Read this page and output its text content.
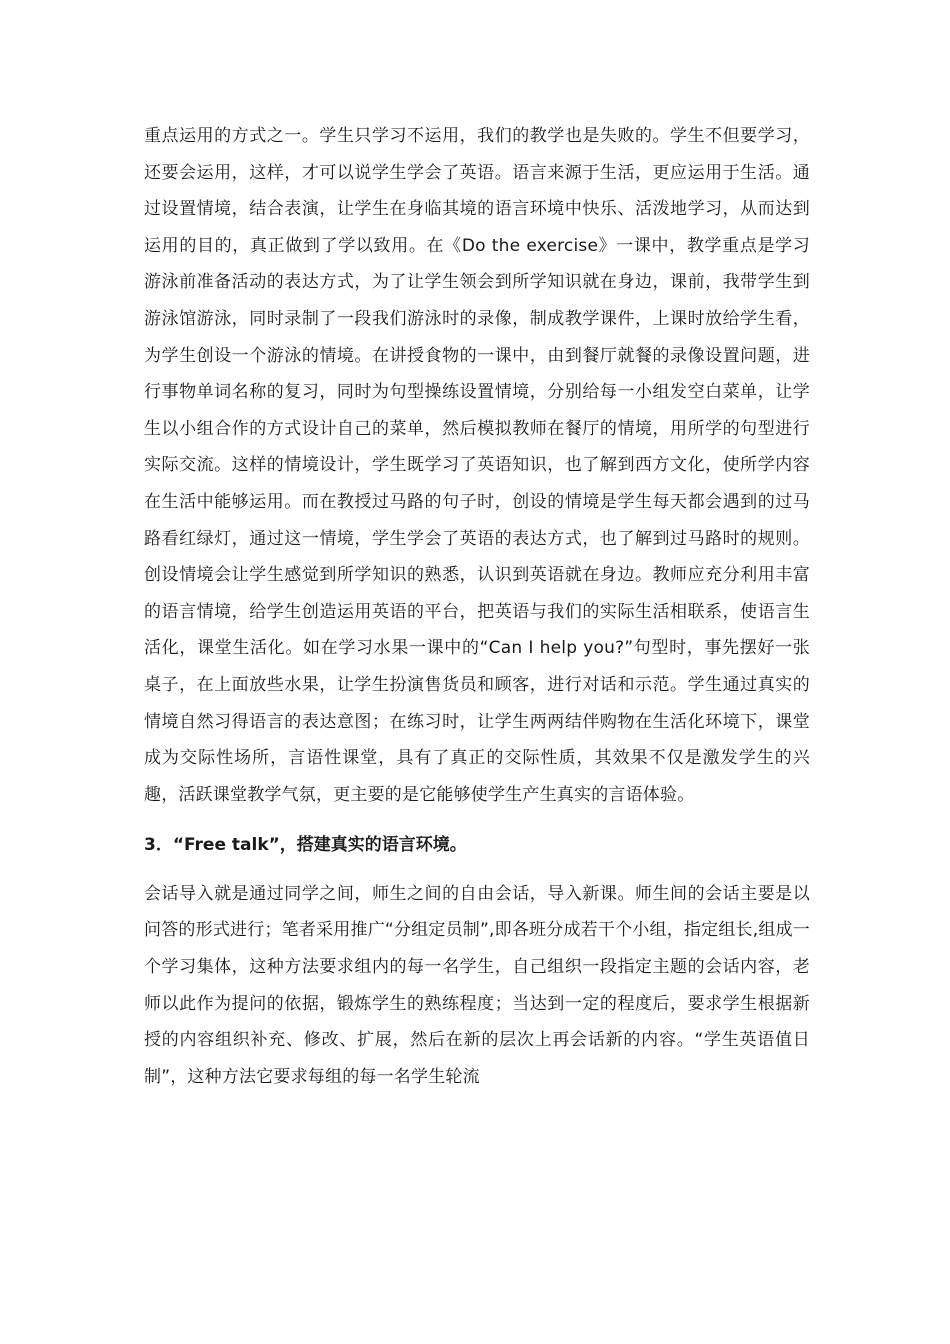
重点运用的方式之一。学生只学习不运用，我们的教学也是失败的。学生不但要学习，还要会运用，这样，才可以说学生学会了英语。语言来源于生活，更应运用于生活。通过设置情境，结合表演，让学生在身临其境的语言环境中快乐、活泼地学习，从而达到运用的目的，真正做到了学以致用。在《Do the exercise》一课中，教学重点是学习游泳前准备活动的表达方式，为了让学生领会到所学知识就在身边，课前，我带学生到游泳馆游泳，同时录制了一段我们游泳时的录像，制成教学课件，上课时放给学生看，为学生创设一个游泳的情境。在讲授食物的一课中，由到餐厅就餐的录像设置问题，进行事物单词名称的复习，同时为句型操练设置情境，分别给每一小组发空白菜单，让学生以小组合作的方式设计自己的菜单，然后模拟教师在餐厅的情境，用所学的句型进行实际交流。这样的情境设计，学生既学习了英语知识，也了解到西方文化，使所学内容在生活中能够运用。而在教授过马路的句子时，创设的情境是学生每天都会遇到的过马路看红绿灯，通过这一情境，学生学会了英语的表达方式，也了解到过马路时的规则。创设情境会让学生感觉到所学知识的熟悉，认识到英语就在身边。教师应充分利用丰富的语言情境，给学生创造运用英语的平台，把英语与我们的实际生活相联系，使语言生活化，课堂生活化。如在学习水果一课中的“Can I help you?”句型时，事先摆好一张桌子，在上面放些水果，让学生扮演售货员和顾客，进行对话和示范。学生通过真实的情境自然习得语言的表达意图；在练习时，让学生两两结伴购物在生活化环境下，课堂成为交际性场所，言语性课堂，具有了真正的交际性质，其效果不仅是激发学生的兴趣，活跃课堂教学气氛，更主要的是它能够使学生产生真实的言语体验。

3．“Free talk”，搭建真实的语言环境。

会话导入就是通过同学之间，师生之间的自由会话，导入新课。师生间的会话主要是以问答的形式进行；笔者采用推广“分组定员制”,即各班分成若干个小组，指定组长,组成一个学习集体，这种方法要求组内的每一名学生，自己组织一段指定主题的会话内容，老师以此作为提问的依据，锻炼学生的熟练程度；当达到一定的程度后，要求学生根据新授的内容组织补充、修改、扩展，然后在新的层次上再会话新的内容。“学生英语值日制”，这种方法它要求每组的每一名学生轮流
